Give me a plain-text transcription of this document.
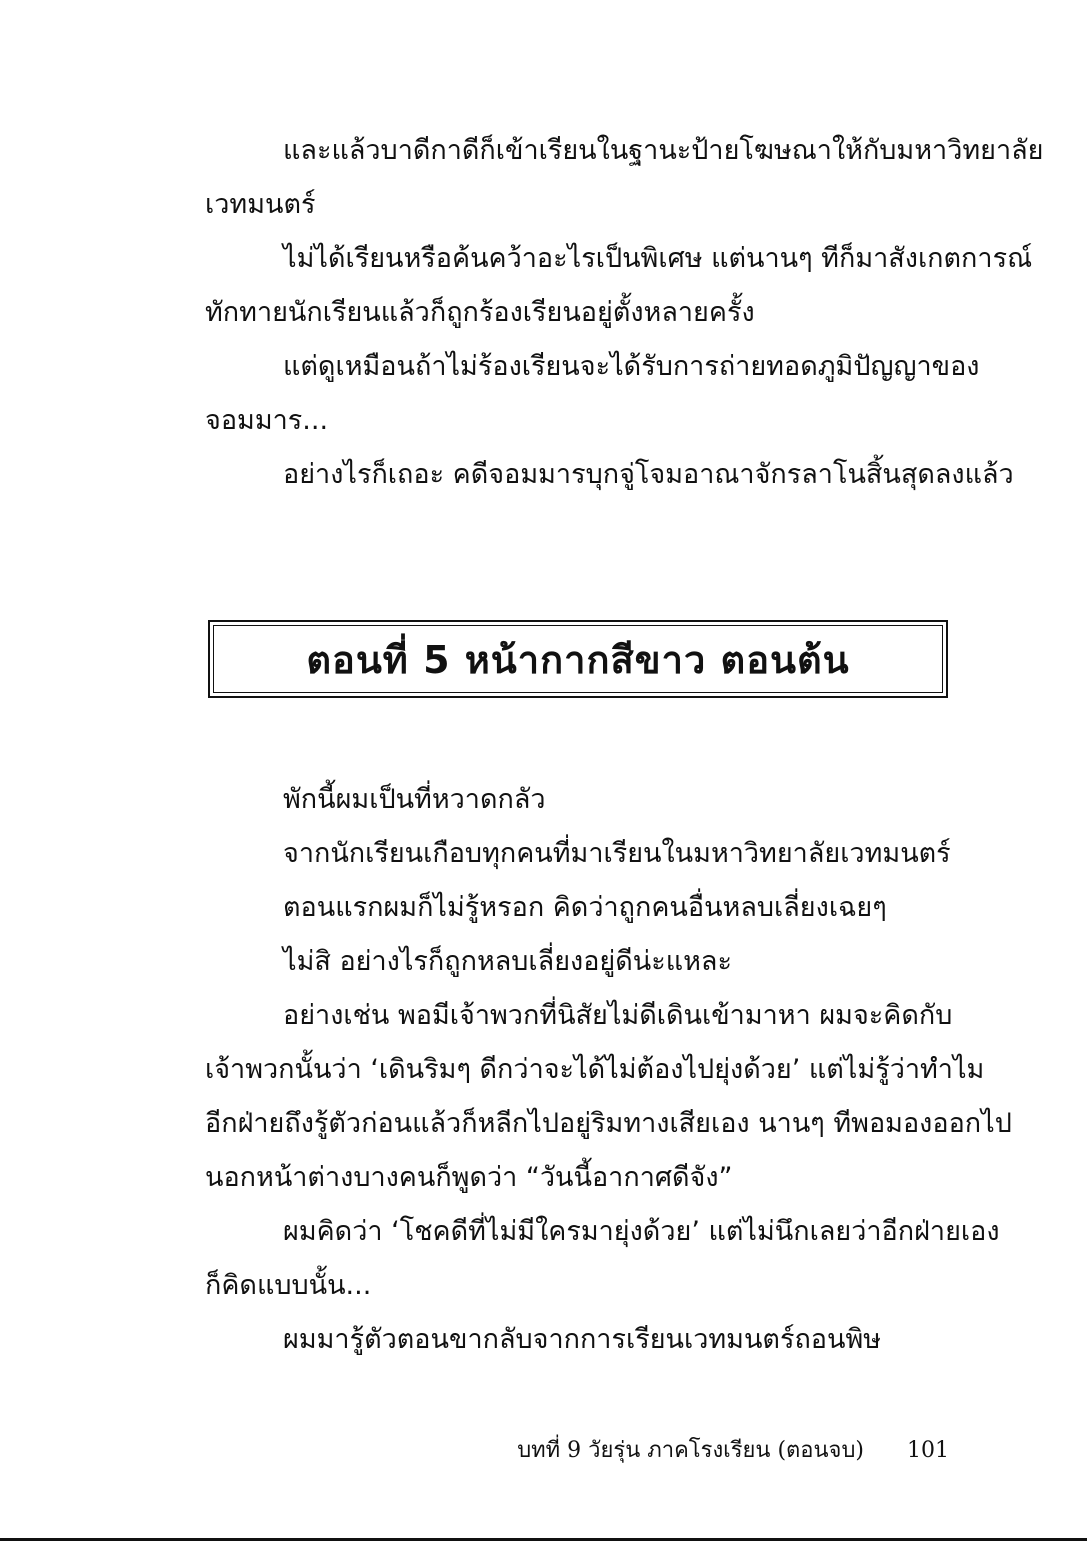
และแล้วบาดีกาดีก็เข้าเรียนในฐานะป้ายโฆษณาให้กับมหาวิทยาลัย
เวทมนตร์
ไม่ได้เรียนหรือค้นคว้าอะไรเป็นพิเศษ แต่นานๆ ทีก็มาสังเกตการณ์
ทักทายนักเรียนแล้วก็ถูกร้องเรียนอยู่ตั้งหลายครั้ง
แต่ดูเหมือนถ้าไม่ร้องเรียนจะได้รับการถ่ายทอดภูมิปัญญาของ
จอมมาร...
อย่างไรก็เถอะ คดีจอมมารบุกจู่โจมอาณาจักรลาโนสิ้นสุดลงแล้ว
ตอนที่ 5 หน้ากากสีขาว ตอนต้น
พักนี้ผมเป็นที่หวาดกลัว
จากนักเรียนเกือบทุกคนที่มาเรียนในมหาวิทยาลัยเวทมนตร์
ตอนแรกผมก็ไม่รู้หรอก คิดว่าถูกคนอื่นหลบเลี่ยงเฉยๆ
ไม่สิ อย่างไรก็ถูกหลบเลี่ยงอยู่ดีน่ะแหละ
อย่างเช่น พอมีเจ้าพวกที่นิสัยไม่ดีเดินเข้ามาหา ผมจะคิดกับ
เจ้าพวกนั้นว่า ‘เดินริมๆ ดีกว่าจะได้ไม่ต้องไปยุ่งด้วย’ แต่ไม่รู้ว่าทำไม
อีกฝ่ายถึงรู้ตัวก่อนแล้วก็หลีกไปอยู่ริมทางเสียเอง นานๆ ทีพอมองออกไป
นอกหน้าต่างบางคนก็พูดว่า “วันนี้อากาศดีจัง”
ผมคิดว่า ‘โชคดีที่ไม่มีใครมายุ่งด้วย’ แต่ไม่นึกเลยว่าอีกฝ่ายเอง
ก็คิดแบบนั้น...
ผมมารู้ตัวตอนขากลับจากการเรียนเวทมนตร์ถอนพิษ
บทที่ 9 วัยรุ่น ภาคโรงเรียน (ตอนจบ) 101
